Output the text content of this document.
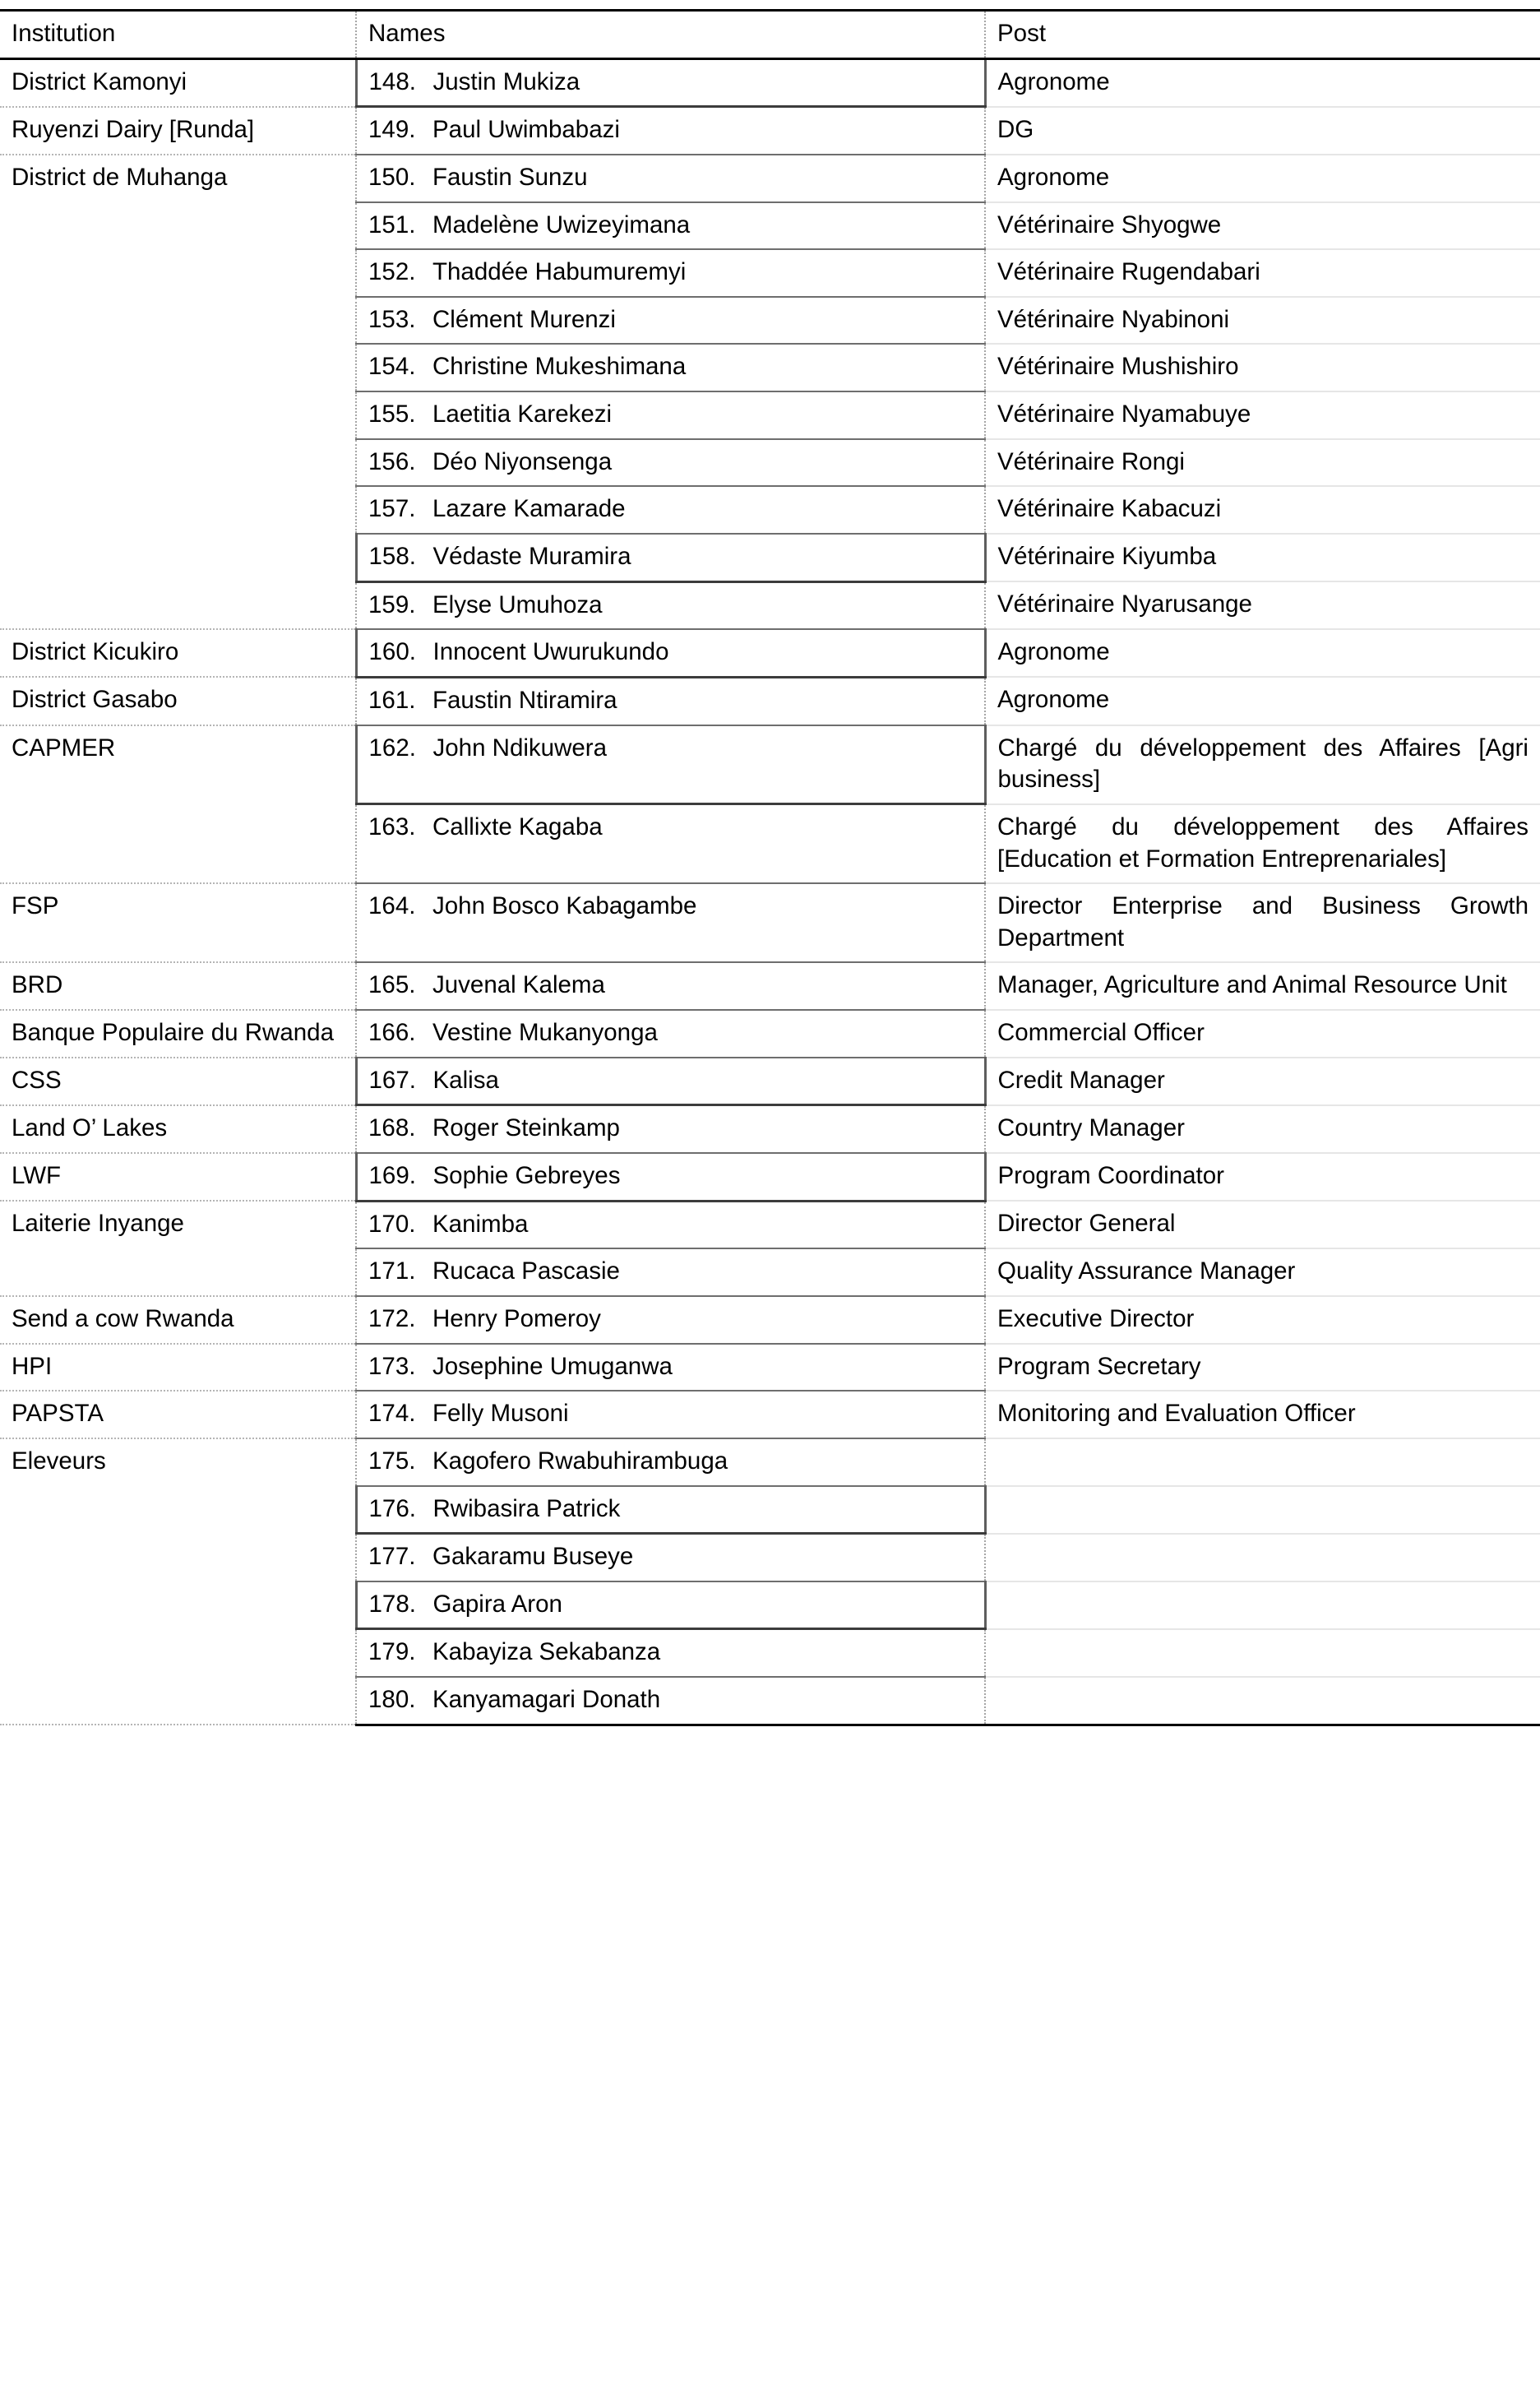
Institution	Names	Post

District Kamonyi	148. Justin Mukiza	Agronome

Ruyenzi Dairy [Runda]	149. Paul Uwimbabazi	DG

District de Muhanga	150. Faustin Sunzu	Agronome

	151. Madelène Uwizeyimana	Vétérinaire Shyogwe

	152. Thaddée Habumuremyi	Vétérinaire Rugendabari

	153. Clément Murenzi	Vétérinaire Nyabinoni

	154. Christine Mukeshimana	Vétérinaire Mushishiro

	155. Laetitia Karekezi	Vétérinaire Nyamabuye

	156. Déo Niyonsenga	Vétérinaire Rongi

	157. Lazare Kamarade	Vétérinaire Kabacuzi

	158. Védaste Muramira	Vétérinaire Kiyumba

	159. Elyse Umuhoza	Vétérinaire Nyarusange

District Kicukiro	160. Innocent Uwurukundo	Agronome

District Gasabo	161. Faustin Ntiramira	Agronome

CAPMER	162. John Ndikuwera	Chargé du développement des Affaires [Agri business]

	163. Callixte Kagaba	Chargé du développement des Affaires [Education et Formation Entreprenariales]

FSP	164. John Bosco Kabagambe	Director Enterprise and Business Growth Department

BRD	165. Juvenal Kalema	Manager, Agriculture and Animal Resource Unit

Banque Populaire du Rwanda	166. Vestine Mukanyonga	Commercial Officer

CSS	167. Kalisa	Credit Manager

Land O’ Lakes	168. Roger Steinkamp	Country Manager

LWF	169. Sophie Gebreyes	Program Coordinator

Laiterie Inyange	170. Kanimba	Director General

	171. Rucaca Pascasie	Quality Assurance Manager

Send a cow Rwanda	172. Henry Pomeroy	Executive Director

HPI	173. Josephine Umuganwa	Program Secretary

PAPSTA	174. Felly Musoni	Monitoring and Evaluation Officer

Eleveurs	175. Kagofero Rwabuhirambuga	

	176. Rwibasira Patrick	

	177. Gakaramu Buseye	

	178. Gapira Aron	

	179. Kabayiza Sekabanza	

	180. Kanyamagari Donath	
